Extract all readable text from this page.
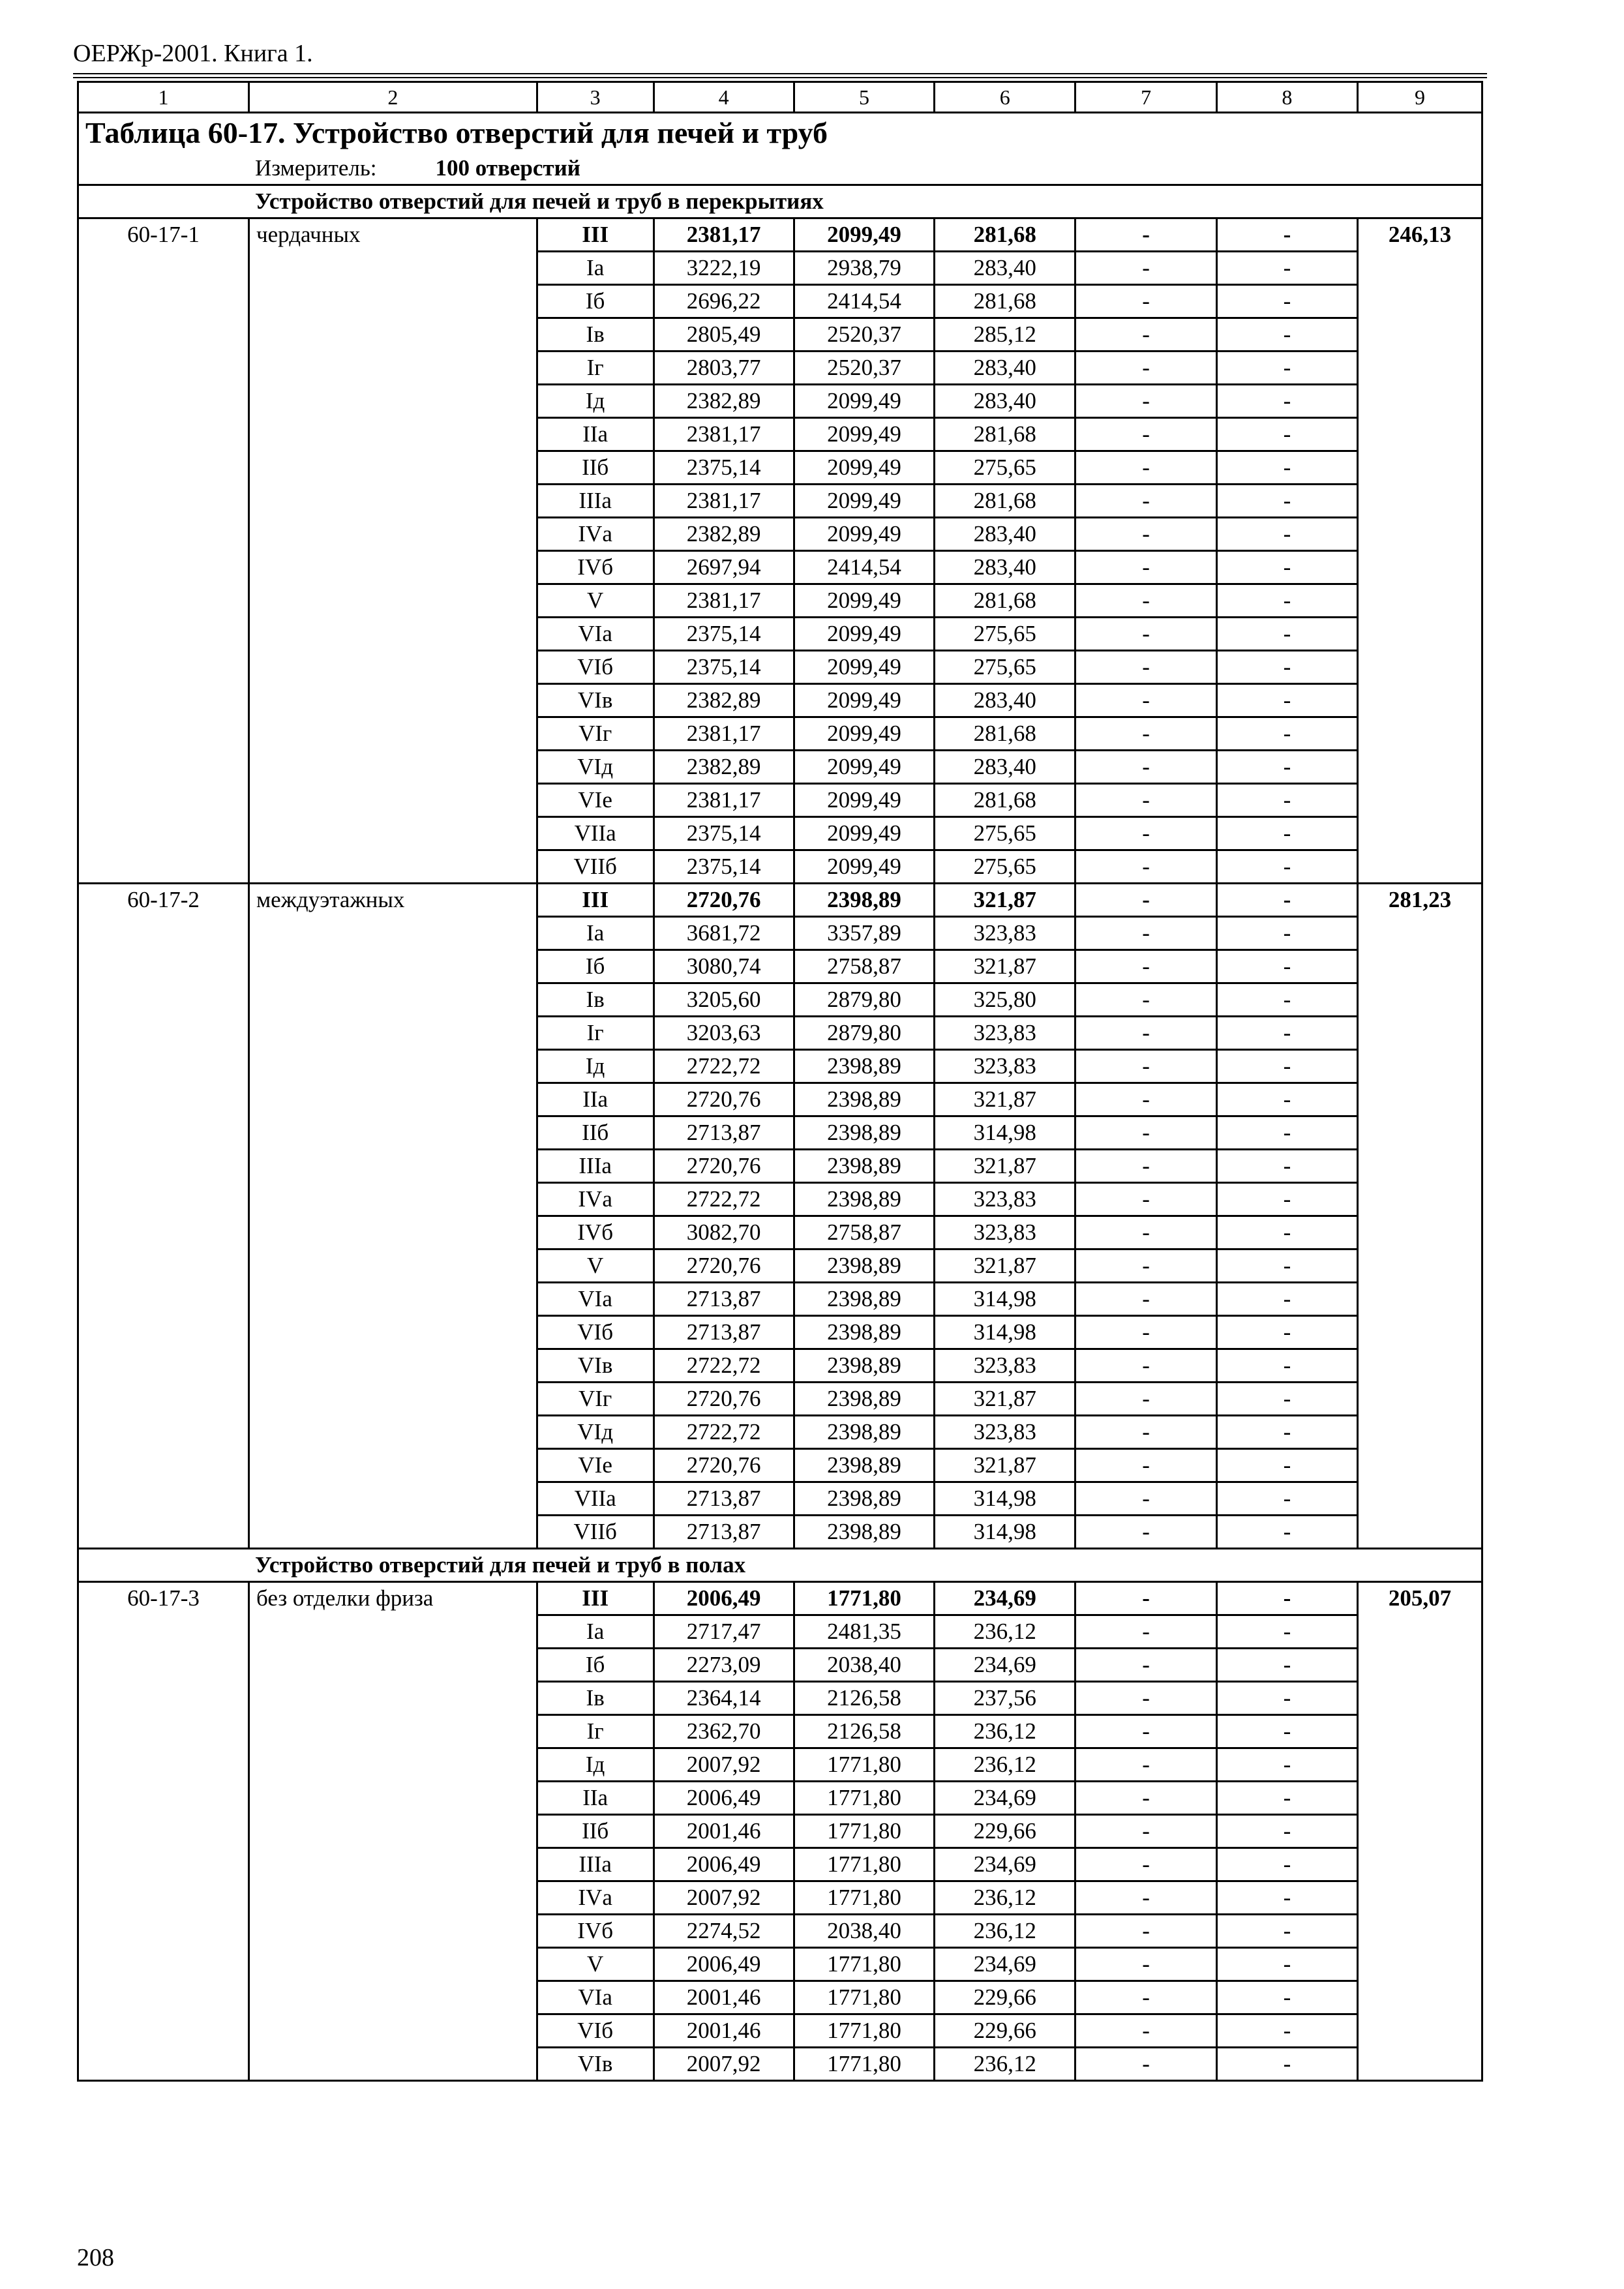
ОЕРЖр-2001. Книга 1.
1	2	3	4	5	6	7	8	9
Таблица 60-17. Устройство отверстий для печей и труб								
Измеритель: 100 отверстий								
Устройство отверстий для печей и труб в перекрытиях								
60-17-1	чердачных	III	2381,17	2099,49	281,68	-	-	246,13
		Iа	3222,19	2938,79	283,40	-	-	
		Iб	2696,22	2414,54	281,68	-	-	
		Iв	2805,49	2520,37	285,12	-	-	
		Iг	2803,77	2520,37	283,40	-	-	
		Iд	2382,89	2099,49	283,40	-	-	
		IIа	2381,17	2099,49	281,68	-	-	
		IIб	2375,14	2099,49	275,65	-	-	
		IIIа	2381,17	2099,49	281,68	-	-	
		IVа	2382,89	2099,49	283,40	-	-	
		IVб	2697,94	2414,54	283,40	-	-	
		V	2381,17	2099,49	281,68	-	-	
		VIа	2375,14	2099,49	275,65	-	-	
		VIб	2375,14	2099,49	275,65	-	-	
		VIв	2382,89	2099,49	283,40	-	-	
		VIг	2381,17	2099,49	281,68	-	-	
		VIд	2382,89	2099,49	283,40	-	-	
		VIе	2381,17	2099,49	281,68	-	-	
		VIIа	2375,14	2099,49	275,65	-	-	
		VIIб	2375,14	2099,49	275,65	-	-	
60-17-2	междуэтажных	III	2720,76	2398,89	321,87	-	-	281,23
		Iа	3681,72	3357,89	323,83	-	-	
		Iб	3080,74	2758,87	321,87	-	-	
		Iв	3205,60	2879,80	325,80	-	-	
		Iг	3203,63	2879,80	323,83	-	-	
		Iд	2722,72	2398,89	323,83	-	-	
		IIа	2720,76	2398,89	321,87	-	-	
		IIб	2713,87	2398,89	314,98	-	-	
		IIIа	2720,76	2398,89	321,87	-	-	
		IVа	2722,72	2398,89	323,83	-	-	
		IVб	3082,70	2758,87	323,83	-	-	
		V	2720,76	2398,89	321,87	-	-	
		VIа	2713,87	2398,89	314,98	-	-	
		VIб	2713,87	2398,89	314,98	-	-	
		VIв	2722,72	2398,89	323,83	-	-	
		VIг	2720,76	2398,89	321,87	-	-	
		VIд	2722,72	2398,89	323,83	-	-	
		VIе	2720,76	2398,89	321,87	-	-	
		VIIа	2713,87	2398,89	314,98	-	-	
		VIIб	2713,87	2398,89	314,98	-	-	
Устройство отверстий для печей и труб в полах								
60-17-3	без отделки фриза	III	2006,49	1771,80	234,69	-	-	205,07
		Iа	2717,47	2481,35	236,12	-	-	
		Iб	2273,09	2038,40	234,69	-	-	
		Iв	2364,14	2126,58	237,56	-	-	
		Iг	2362,70	2126,58	236,12	-	-	
		Iд	2007,92	1771,80	236,12	-	-	
		IIа	2006,49	1771,80	234,69	-	-	
		IIб	2001,46	1771,80	229,66	-	-	
		IIIа	2006,49	1771,80	234,69	-	-	
		IVа	2007,92	1771,80	236,12	-	-	
		IVб	2274,52	2038,40	236,12	-	-	
		V	2006,49	1771,80	234,69	-	-	
		VIа	2001,46	1771,80	229,66	-	-	
		VIб	2001,46	1771,80	229,66	-	-	
		VIв	2007,92	1771,80	236,12	-	-	
208
